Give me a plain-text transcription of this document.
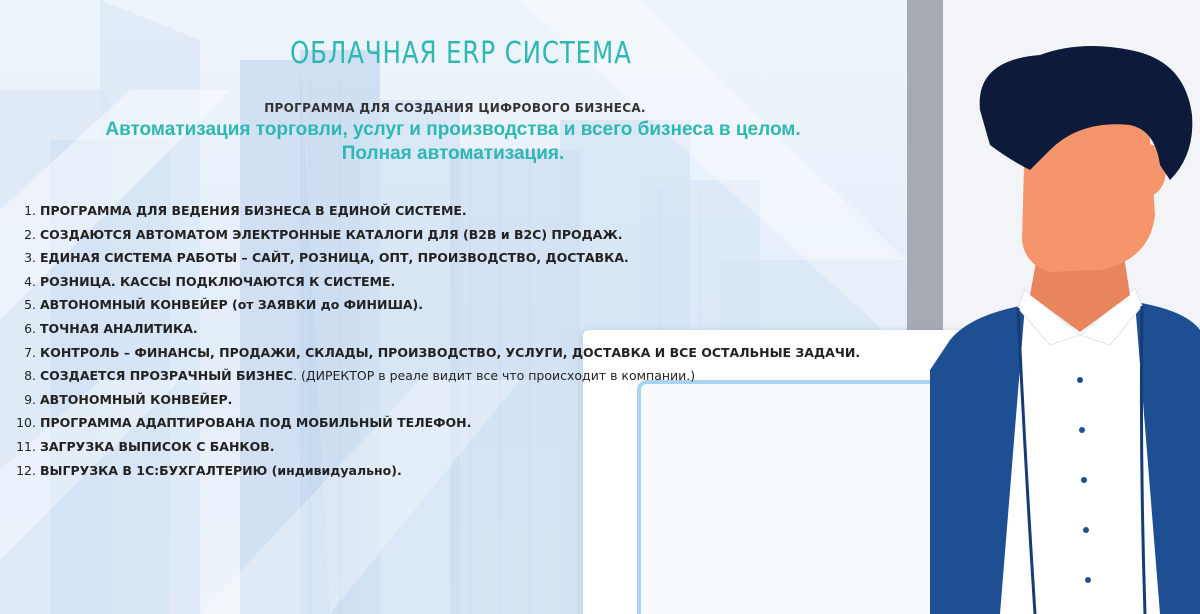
ОБЛАЧНАЯ ERP СИСТЕМА
ПРОГРАММА ДЛЯ СОЗДАНИЯ ЦИФРОВОГО БИЗНЕСА.
Автоматизация торговли, услуг и производства и всего бизнеса в целом.
Полная автоматизация.
1. ПРОГРАММА ДЛЯ ВЕДЕНИЯ БИЗНЕСА В ЕДИНОЙ СИСТЕМЕ.
2. СОЗДАЮТСЯ АВТОМАТОМ ЭЛЕКТРОННЫЕ КАТАЛОГИ ДЛЯ (B2B и B2C) ПРОДАЖ.
3. ЕДИНАЯ СИСТЕМА РАБОТЫ – САЙТ, РОЗНИЦА, ОПТ, ПРОИЗВОДСТВО, ДОСТАВКА.
4. РОЗНИЦА. КАССЫ ПОДКЛЮЧАЮТСЯ К СИСТЕМЕ.
5. АВТОНОМНЫЙ КОНВЕЙЕР (от ЗАЯВКИ до ФИНИША).
6. ТОЧНАЯ АНАЛИТИКА.
7. КОНТРОЛЬ – ФИНАНСЫ, ПРОДАЖИ, СКЛАДЫ, ПРОИЗВОДСТВО, УСЛУГИ, ДОСТАВКА И ВСЕ ОСТАЛЬНЫЕ ЗАДАЧИ.
8. СОЗДАЕТСЯ ПРОЗРАЧНЫЙ БИЗНЕС. (ДИРЕКТОР в реале видит все что происходит в компании.)
9. АВТОНОМНЫЙ КОНВЕЙЕР.
10. ПРОГРАММА АДАПТИРОВАНА ПОД МОБИЛЬНЫЙ ТЕЛЕФОН.
11. ЗАГРУЗКА ВЫПИСОК С БАНКОВ.
12. ВЫГРУЗКА В 1С:БУХГАЛТЕРИЮ (индивидуально).
